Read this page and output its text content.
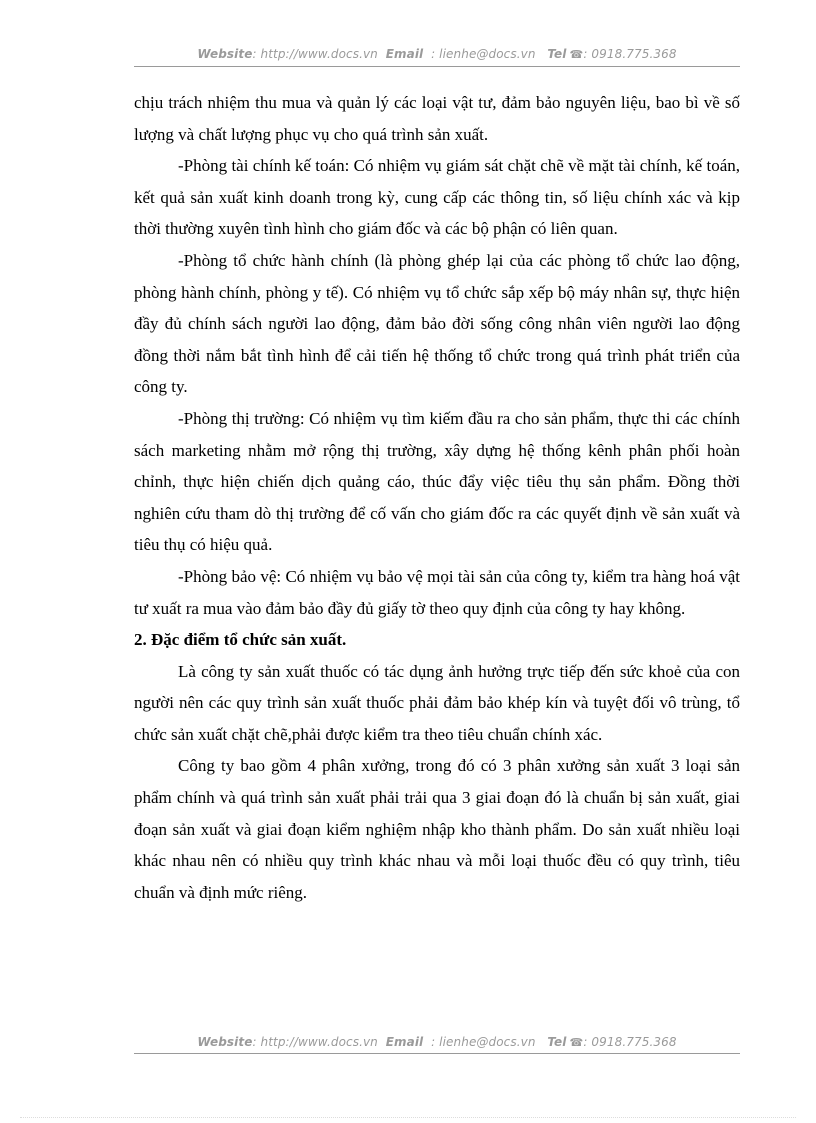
Website: http://www.docs.vn Email : lienhe@docs.vn Tel ☎: 0918.775.368

chịu trách nhiệm thu mua và quản lý các loại vật tư, đảm bảo nguyên liệu, bao bì về số lượng và chất lượng phục vụ cho quá trình sản xuất.

-Phòng tài chính kế toán: Có nhiệm vụ giám sát chặt chẽ về mặt tài chính, kế toán, kết quả sản xuất kinh doanh trong kỳ, cung cấp các thông tin, số liệu chính xác và kịp thời thường xuyên tình hình cho giám đốc và các bộ phận có liên quan.

-Phòng tổ chức hành chính (là phòng ghép lại của các phòng tổ chức lao động, phòng hành chính, phòng y tế). Có nhiệm vụ tổ chức sắp xếp bộ máy nhân sự, thực hiện đầy đủ chính sách người lao động, đảm bảo đời sống công nhân viên người lao động đồng thời nắm bắt tình hình để cải tiến hệ thống tổ chức trong quá trình phát triển của công ty.

-Phòng thị trường: Có nhiệm vụ tìm kiếm đầu ra cho sản phẩm, thực thi các chính sách marketing nhằm mở rộng thị trường, xây dựng hệ thống kênh phân phối hoàn chỉnh, thực hiện chiến dịch quảng cáo, thúc đẩy việc tiêu thụ sản phẩm. Đồng thời nghiên cứu tham dò thị trường để cố vấn cho giám đốc ra các quyết định về sản xuất và tiêu thụ có hiệu quả.

-Phòng bảo vệ: Có nhiệm vụ bảo vệ mọi tài sản của công ty, kiểm tra hàng hoá vật tư xuất ra mua vào đảm bảo đầy đủ giấy tờ theo quy định của công ty hay không.

2. Đặc điểm tổ chức sản xuất.

Là công ty sản xuất thuốc có tác dụng ảnh hưởng trực tiếp đến sức khoẻ của con người nên các quy trình sản xuất thuốc phải đảm bảo khép kín và tuyệt đối vô trùng, tổ chức sản xuất chặt chẽ,phải được kiểm tra theo tiêu chuẩn chính xác.

Công ty bao gồm 4 phân xưởng, trong đó có 3 phân xưởng sản xuất 3 loại sản phẩm chính và quá trình sản xuất phải trải qua 3 giai đoạn đó là chuẩn bị sản xuất, giai đoạn sản xuất và giai đoạn kiểm nghiệm nhập kho thành phẩm. Do sản xuất nhiều loại khác nhau nên có nhiều quy trình khác nhau và mỗi loại thuốc đều có quy trình, tiêu chuẩn và định mức riêng.

Website: http://www.docs.vn Email : lienhe@docs.vn Tel ☎: 0918.775.368
